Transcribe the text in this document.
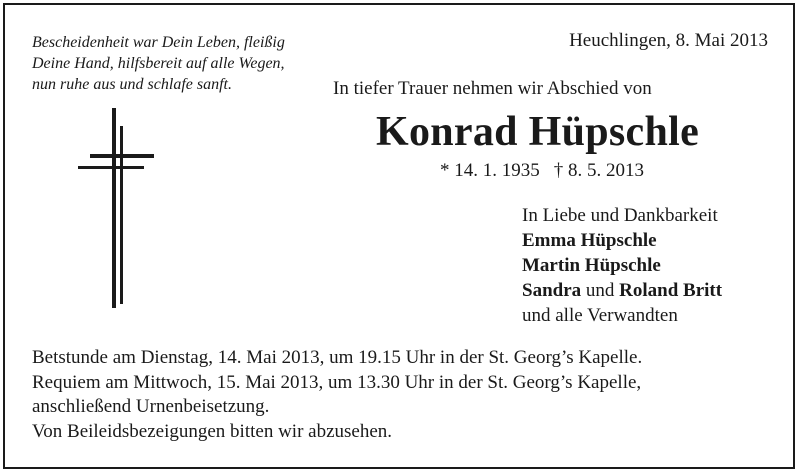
Bescheidenheit war Dein Leben, fleißig
Deine Hand, hilfsbereit auf alle Wegen,
nun ruhe aus und schlafe sanft.
Heuchlingen, 8. Mai 2013
In tiefer Trauer nehmen wir Abschied von
Konrad Hüpschle
* 14. 1. 1935 † 8. 5. 2013
In Liebe und Dankbarkeit
Emma Hüpschle
Martin Hüpschle
Sandra und Roland Britt
und alle Verwandten
Betstunde am Dienstag, 14. Mai 2013, um 19.15 Uhr in der St. Georg’s Kapelle.
Requiem am Mittwoch, 15. Mai 2013, um 13.30 Uhr in der St. Georg’s Kapelle,
anschließend Urnenbeisetzung.
Von Beileidsbezeigungen bitten wir abzusehen.
